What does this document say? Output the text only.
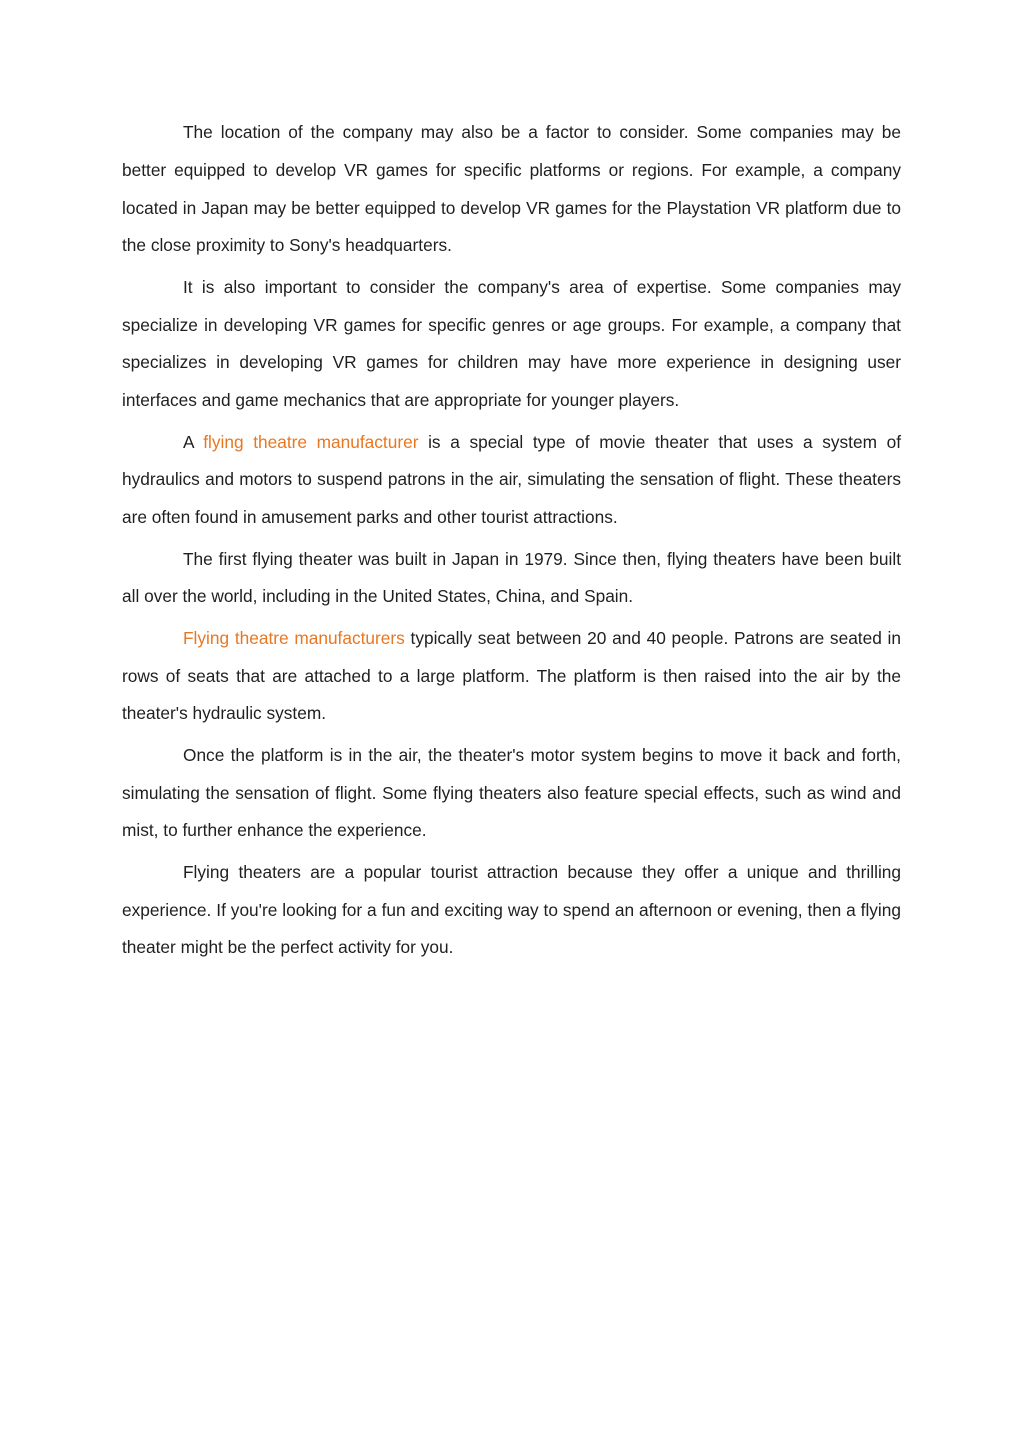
The location of the company may also be a factor to consider. Some companies may be better equipped to develop VR games for specific platforms or regions. For example, a company located in Japan may be better equipped to develop VR games for the Playstation VR platform due to the close proximity to Sony's headquarters.

It is also important to consider the company's area of expertise. Some companies may specialize in developing VR games for specific genres or age groups. For example, a company that specializes in developing VR games for children may have more experience in designing user interfaces and game mechanics that are appropriate for younger players.

A flying theatre manufacturer is a special type of movie theater that uses a system of hydraulics and motors to suspend patrons in the air, simulating the sensation of flight. These theaters are often found in amusement parks and other tourist attractions.

The first flying theater was built in Japan in 1979. Since then, flying theaters have been built all over the world, including in the United States, China, and Spain.

Flying theatre manufacturers typically seat between 20 and 40 people. Patrons are seated in rows of seats that are attached to a large platform. The platform is then raised into the air by the theater's hydraulic system.

Once the platform is in the air, the theater's motor system begins to move it back and forth, simulating the sensation of flight. Some flying theaters also feature special effects, such as wind and mist, to further enhance the experience.

Flying theaters are a popular tourist attraction because they offer a unique and thrilling experience. If you're looking for a fun and exciting way to spend an afternoon or evening, then a flying theater might be the perfect activity for you.
